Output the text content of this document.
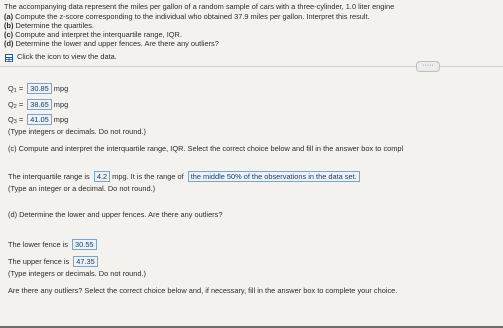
The accompanying data represent the miles per gallon of a random sample of cars with a three-cylinder, 1.0 liter engine
(a) Compute the z-score corresponding to the individual who obtained 37.9 miles per gallon. Interpret this result.
(b) Determine the quartiles.
(c) Compute and interpret the interquartile range, IQR.
(d) Determine the lower and upper fences. Are there any outliers?
Click the icon to view the data.
·····
Q1 = 30.85 mpg
Q2 = 38.65 mpg
Q3 = 41.05 mpg
(Type integers or decimals. Do not round.)
(c) Compute and interpret the interquartile range, IQR. Select the correct choice below and fill in the answer box to compl
The interquartile range is 4.2 mpg. It is the range of the middle 50% of the observations in the data set.
(Type an integer or a decimal. Do not round.)
(d) Determine the lower and upper fences. Are there any outliers?
The lower fence is 30.55
The upper fence is 47.35
(Type integers or decimals. Do not round.)
Are there any outliers? Select the correct choice below and, if necessary, fill in the answer box to complete your choice.
